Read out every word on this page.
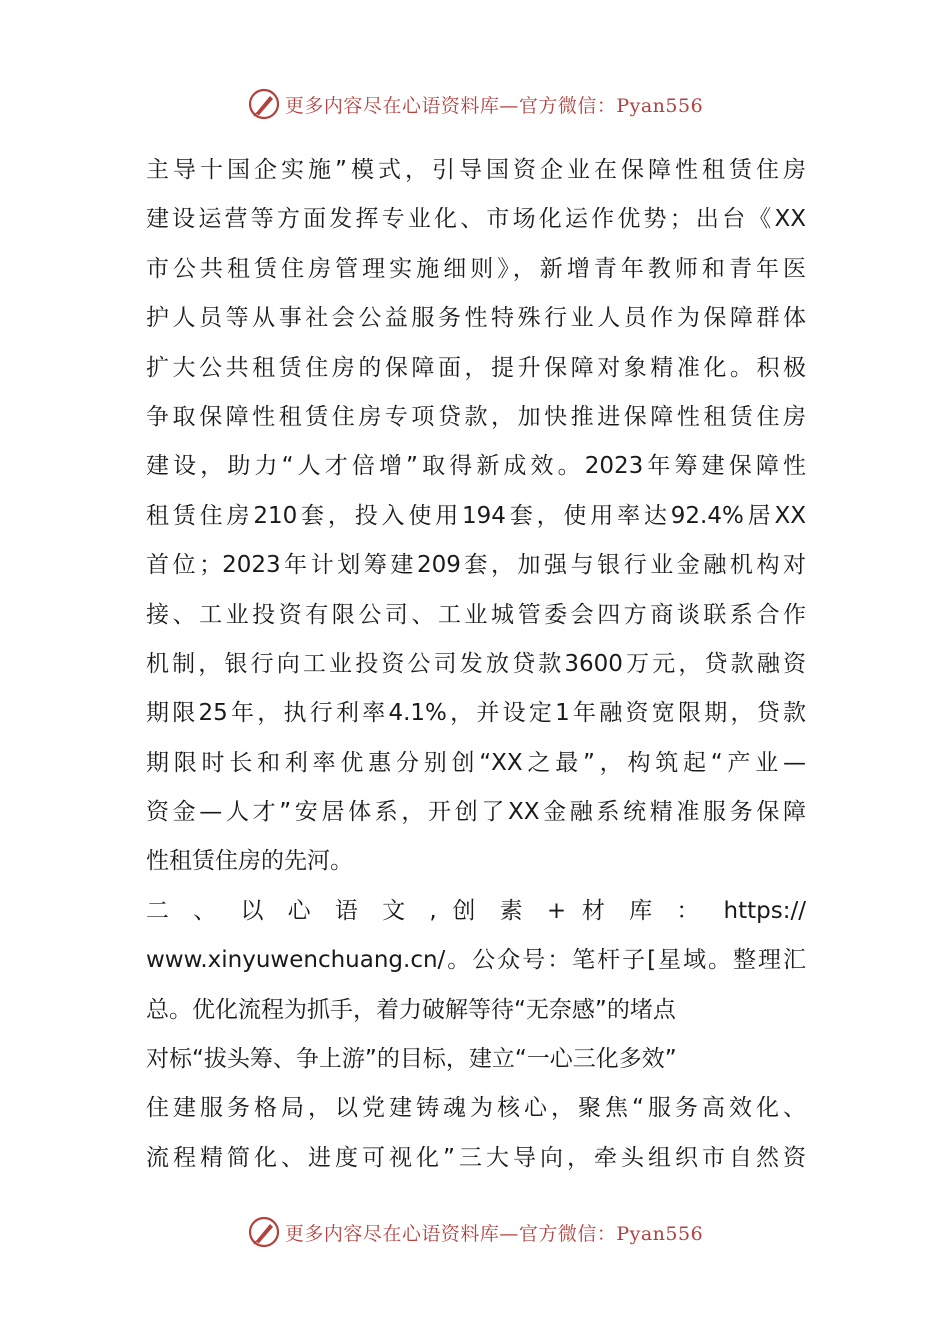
更多内容尽在心语资料库—官方微信：Pyan556
主导十国企实施”模式，引导国资企业在保障性租赁住房
建设运营等方面发挥专业化、市场化运作优势；出台《XX
市公共租赁住房管理实施细则》，新增青年教师和青年医
护人员等从事社会公益服务性特殊行业人员作为保障群体
扩大公共租赁住房的保障面，提升保障对象精准化。积极
争取保障性租赁住房专项贷款，加快推进保障性租赁住房
建设，助力“人才倍增”取得新成效。2023年筹建保障性
租赁住房210套，投入使用194套，使用率达92.4%居XX
首位；2023年计划筹建209套，加强与银行业金融机构对
接、工业投资有限公司、工业城管委会四方商谈联系合作
机制，银行向工业投资公司发放贷款3600万元，贷款融资
期限25年，执行利率4.1%，并设定1年融资宽限期，贷款
期限时长和利率优惠分别创“XX之最”，构筑起“产业—
资金—人才”安居体系，开创了XX金融系统精准服务保障
性租赁住房的先河。
二 、 以 心 语 文 , 创 素 + 材 库 ： https://
www.xinyuwenchuang.cn/。公众号：笔杆子[星域。整理汇
总。优化流程为抓手，着力破解等待“无奈感”的堵点
对标“拔头筹、争上游”的目标，建立“一心三化多效”
住建服务格局，以党建铸魂为核心，聚焦“服务高效化、
流程精简化、进度可视化”三大导向，牵头组织市自然资
更多内容尽在心语资料库—官方微信：Pyan556
